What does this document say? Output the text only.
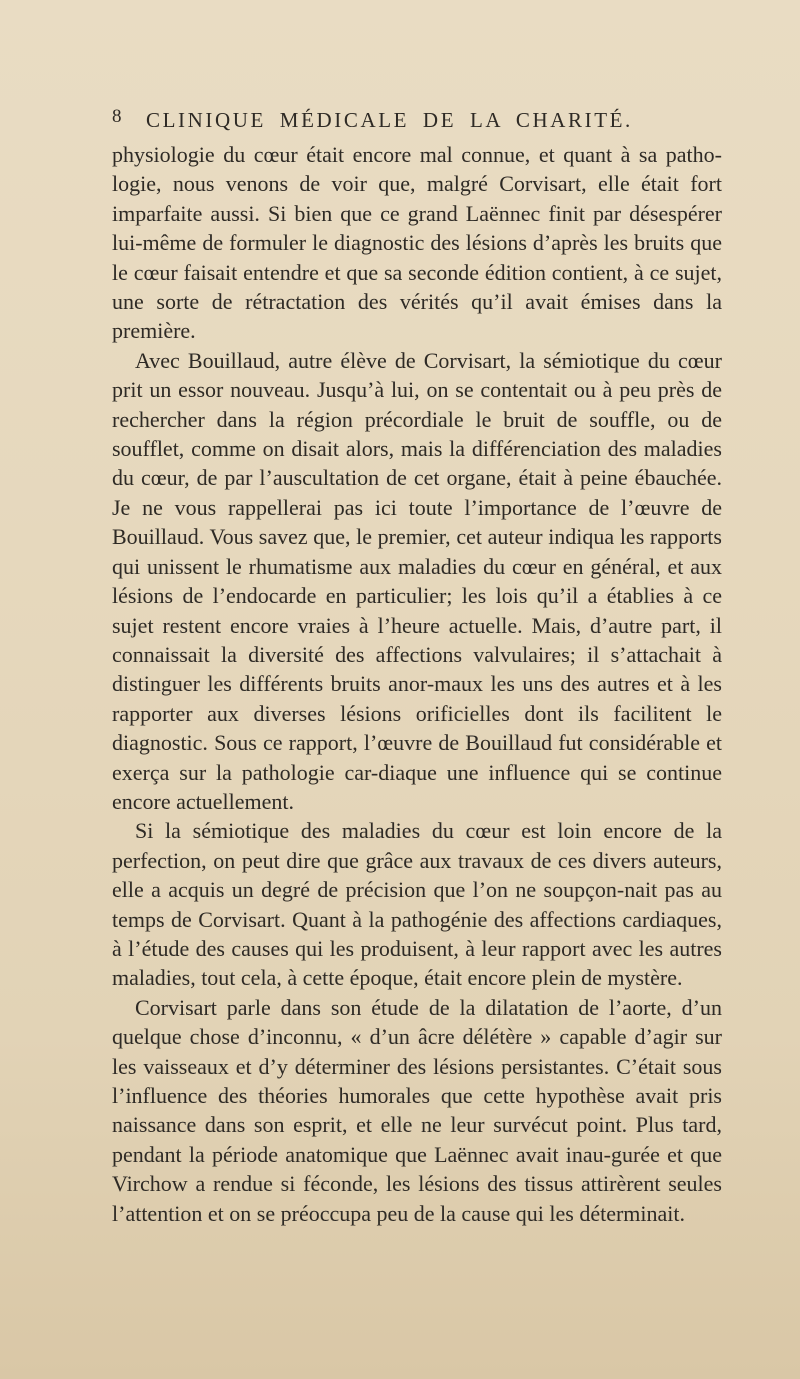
8 CLINIQUE MÉDICALE DE LA CHARITÉ.

physiologie du cœur était encore mal connue, et quant à sa patho-logie, nous venons de voir que, malgré Corvisart, elle était fort imparfaite aussi. Si bien que ce grand Laënnec finit par désespérer lui-même de formuler le diagnostic des lésions d’après les bruits que le cœur faisait entendre et que sa seconde édition contient, à ce sujet, une sorte de rétractation des vérités qu’il avait émises dans la première.

Avec Bouillaud, autre élève de Corvisart, la sémiotique du cœur prit un essor nouveau. Jusqu’à lui, on se contentait ou à peu près de rechercher dans la région précordiale le bruit de souffle, ou de soufflet, comme on disait alors, mais la différenciation des maladies du cœur, de par l’auscultation de cet organe, était à peine ébauchée. Je ne vous rappellerai pas ici toute l’importance de l’œuvre de Bouillaud. Vous savez que, le premier, cet auteur indiqua les rapports qui unissent le rhumatisme aux maladies du cœur en général, et aux lésions de l’endocarde en particulier; les lois qu’il a établies à ce sujet restent encore vraies à l’heure actuelle. Mais, d’autre part, il connaissait la diversité des affections valvulaires; il s’attachait à distinguer les différents bruits anor-maux les uns des autres et à les rapporter aux diverses lésions orificielles dont ils facilitent le diagnostic. Sous ce rapport, l’œuvre de Bouillaud fut considérable et exerça sur la pathologie car-diaque une influence qui se continue encore actuellement.

Si la sémiotique des maladies du cœur est loin encore de la perfection, on peut dire que grâce aux travaux de ces divers auteurs, elle a acquis un degré de précision que l’on ne soupçon-nait pas au temps de Corvisart. Quant à la pathogénie des affections cardiaques, à l’étude des causes qui les produisent, à leur rapport avec les autres maladies, tout cela, à cette époque, était encore plein de mystère.

Corvisart parle dans son étude de la dilatation de l’aorte, d’un quelque chose d’inconnu, « d’un âcre délétère » capable d’agir sur les vaisseaux et d’y déterminer des lésions persistantes. C’était sous l’influence des théories humorales que cette hypothèse avait pris naissance dans son esprit, et elle ne leur survécut point. Plus tard, pendant la période anatomique que Laënnec avait inau-gurée et que Virchow a rendue si féconde, les lésions des tissus attirèrent seules l’attention et on se préoccupa peu de la cause qui les déterminait.
